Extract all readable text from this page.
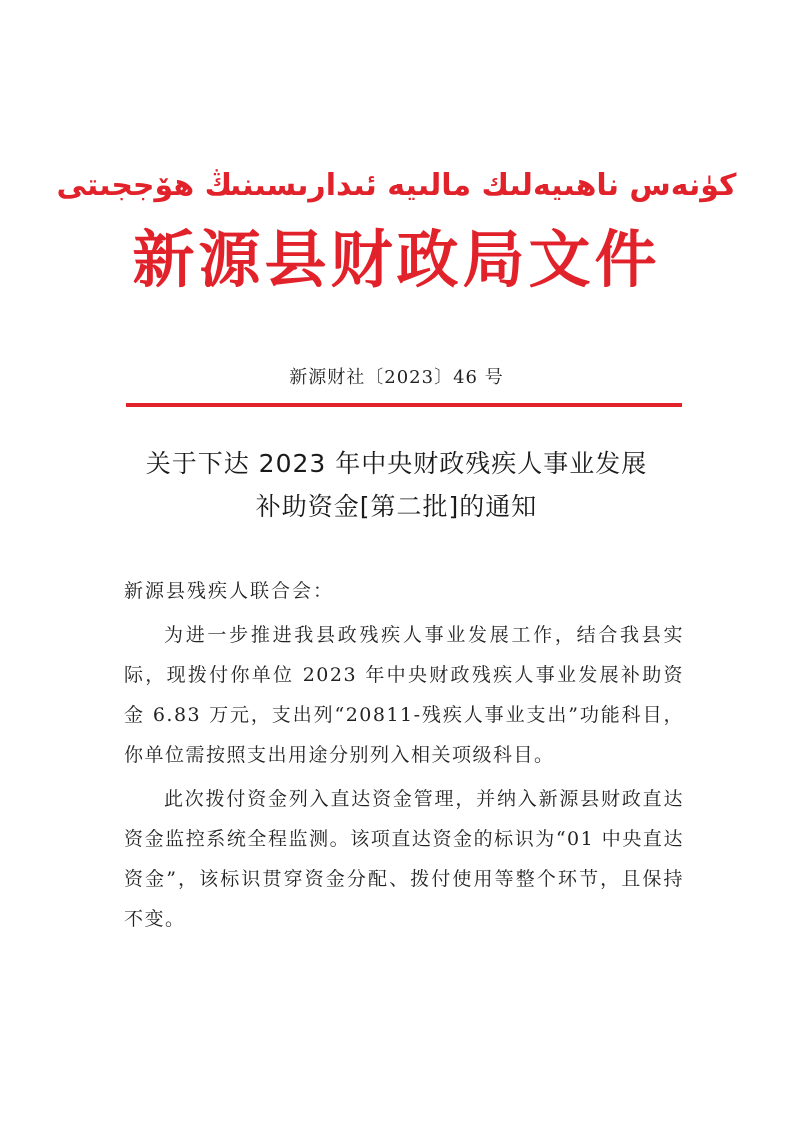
كۈنەس ناھىيەلىك مالىيە ئىدارىسىنىڭ ھۆججىتى
新源县财政局文件
新源财社〔2023〕46 号
关于下达 2023 年中央财政残疾人事业发展
补助资金[第二批]的通知
新源县残疾人联合会：

为进一步推进我县政残疾人事业发展工作，结合我县实际，现拨付你单位 2023 年中央财政残疾人事业发展补助资金 6.83 万元，支出列“20811-残疾人事业支出”功能科目，你单位需按照支出用途分别列入相关项级科目。

此次拨付资金列入直达资金管理，并纳入新源县财政直达资金监控系统全程监测。该项直达资金的标识为“01 中央直达资金”，该标识贯穿资金分配、拨付使用等整个环节，且保持不变。
